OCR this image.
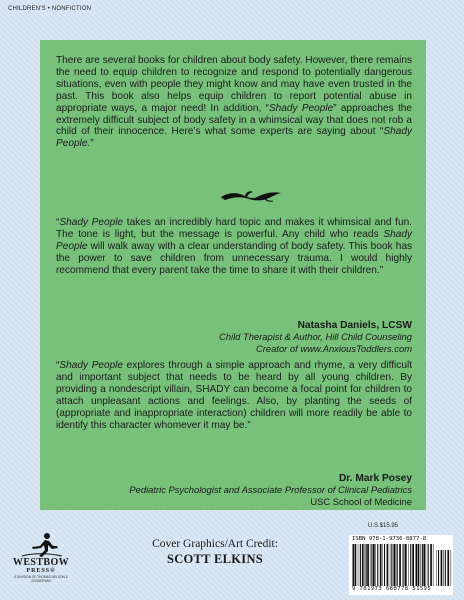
CHILDREN'S • NONFICTION

There are several books for children about body safety. However, there remains the need to equip children to recognize and respond to potentially dangerous situations, even with people they might know and may have even trusted in the past. This book also helps equip children to report potential abuse in appropriate ways, a major need! In addition, “Shady People” approaches the extremely difficult subject of body safety in a whimsical way that does not rob a child of their innocence. Here’s what some experts are saying about “Shady People.”

“Shady People takes an incredibly hard topic and makes it whimsical and fun. The tone is light, but the message is powerful. Any child who reads Shady People will walk away with a clear understanding of body safety. This book has the power to save children from unnecessary trauma. I would highly recommend that every parent take the time to share it with their children.”

Natasha Daniels, LCSW
Child Therapist & Author, Hill Child Counseling
Creator of www.AnxiousToddlers.com

“Shady People explores through a simple approach and rhyme, a very difficult and important subject that needs to be heard by all young children. By providing a nondescript villain, SHADY can become a focal point for children to attach unpleasant actions and feelings. Also, by planting the seeds of (appropriate and inappropriate interaction) children will more readily be able to identify this character whomever it may be.”

Dr. Mark Posey
Pediatric Psychologist and Associate Professor of Clinical Pediatrics
USC School of Medicine
WESTBOW
PRESS®
A DIVISION OF THOMAS NELSON & ZONDERVAN
Cover Graphics/Art Credit:
SCOTT ELKINS
U.S.$15.95
ISBN 978-1-9736-8877-8
9 781973 688778 51595
